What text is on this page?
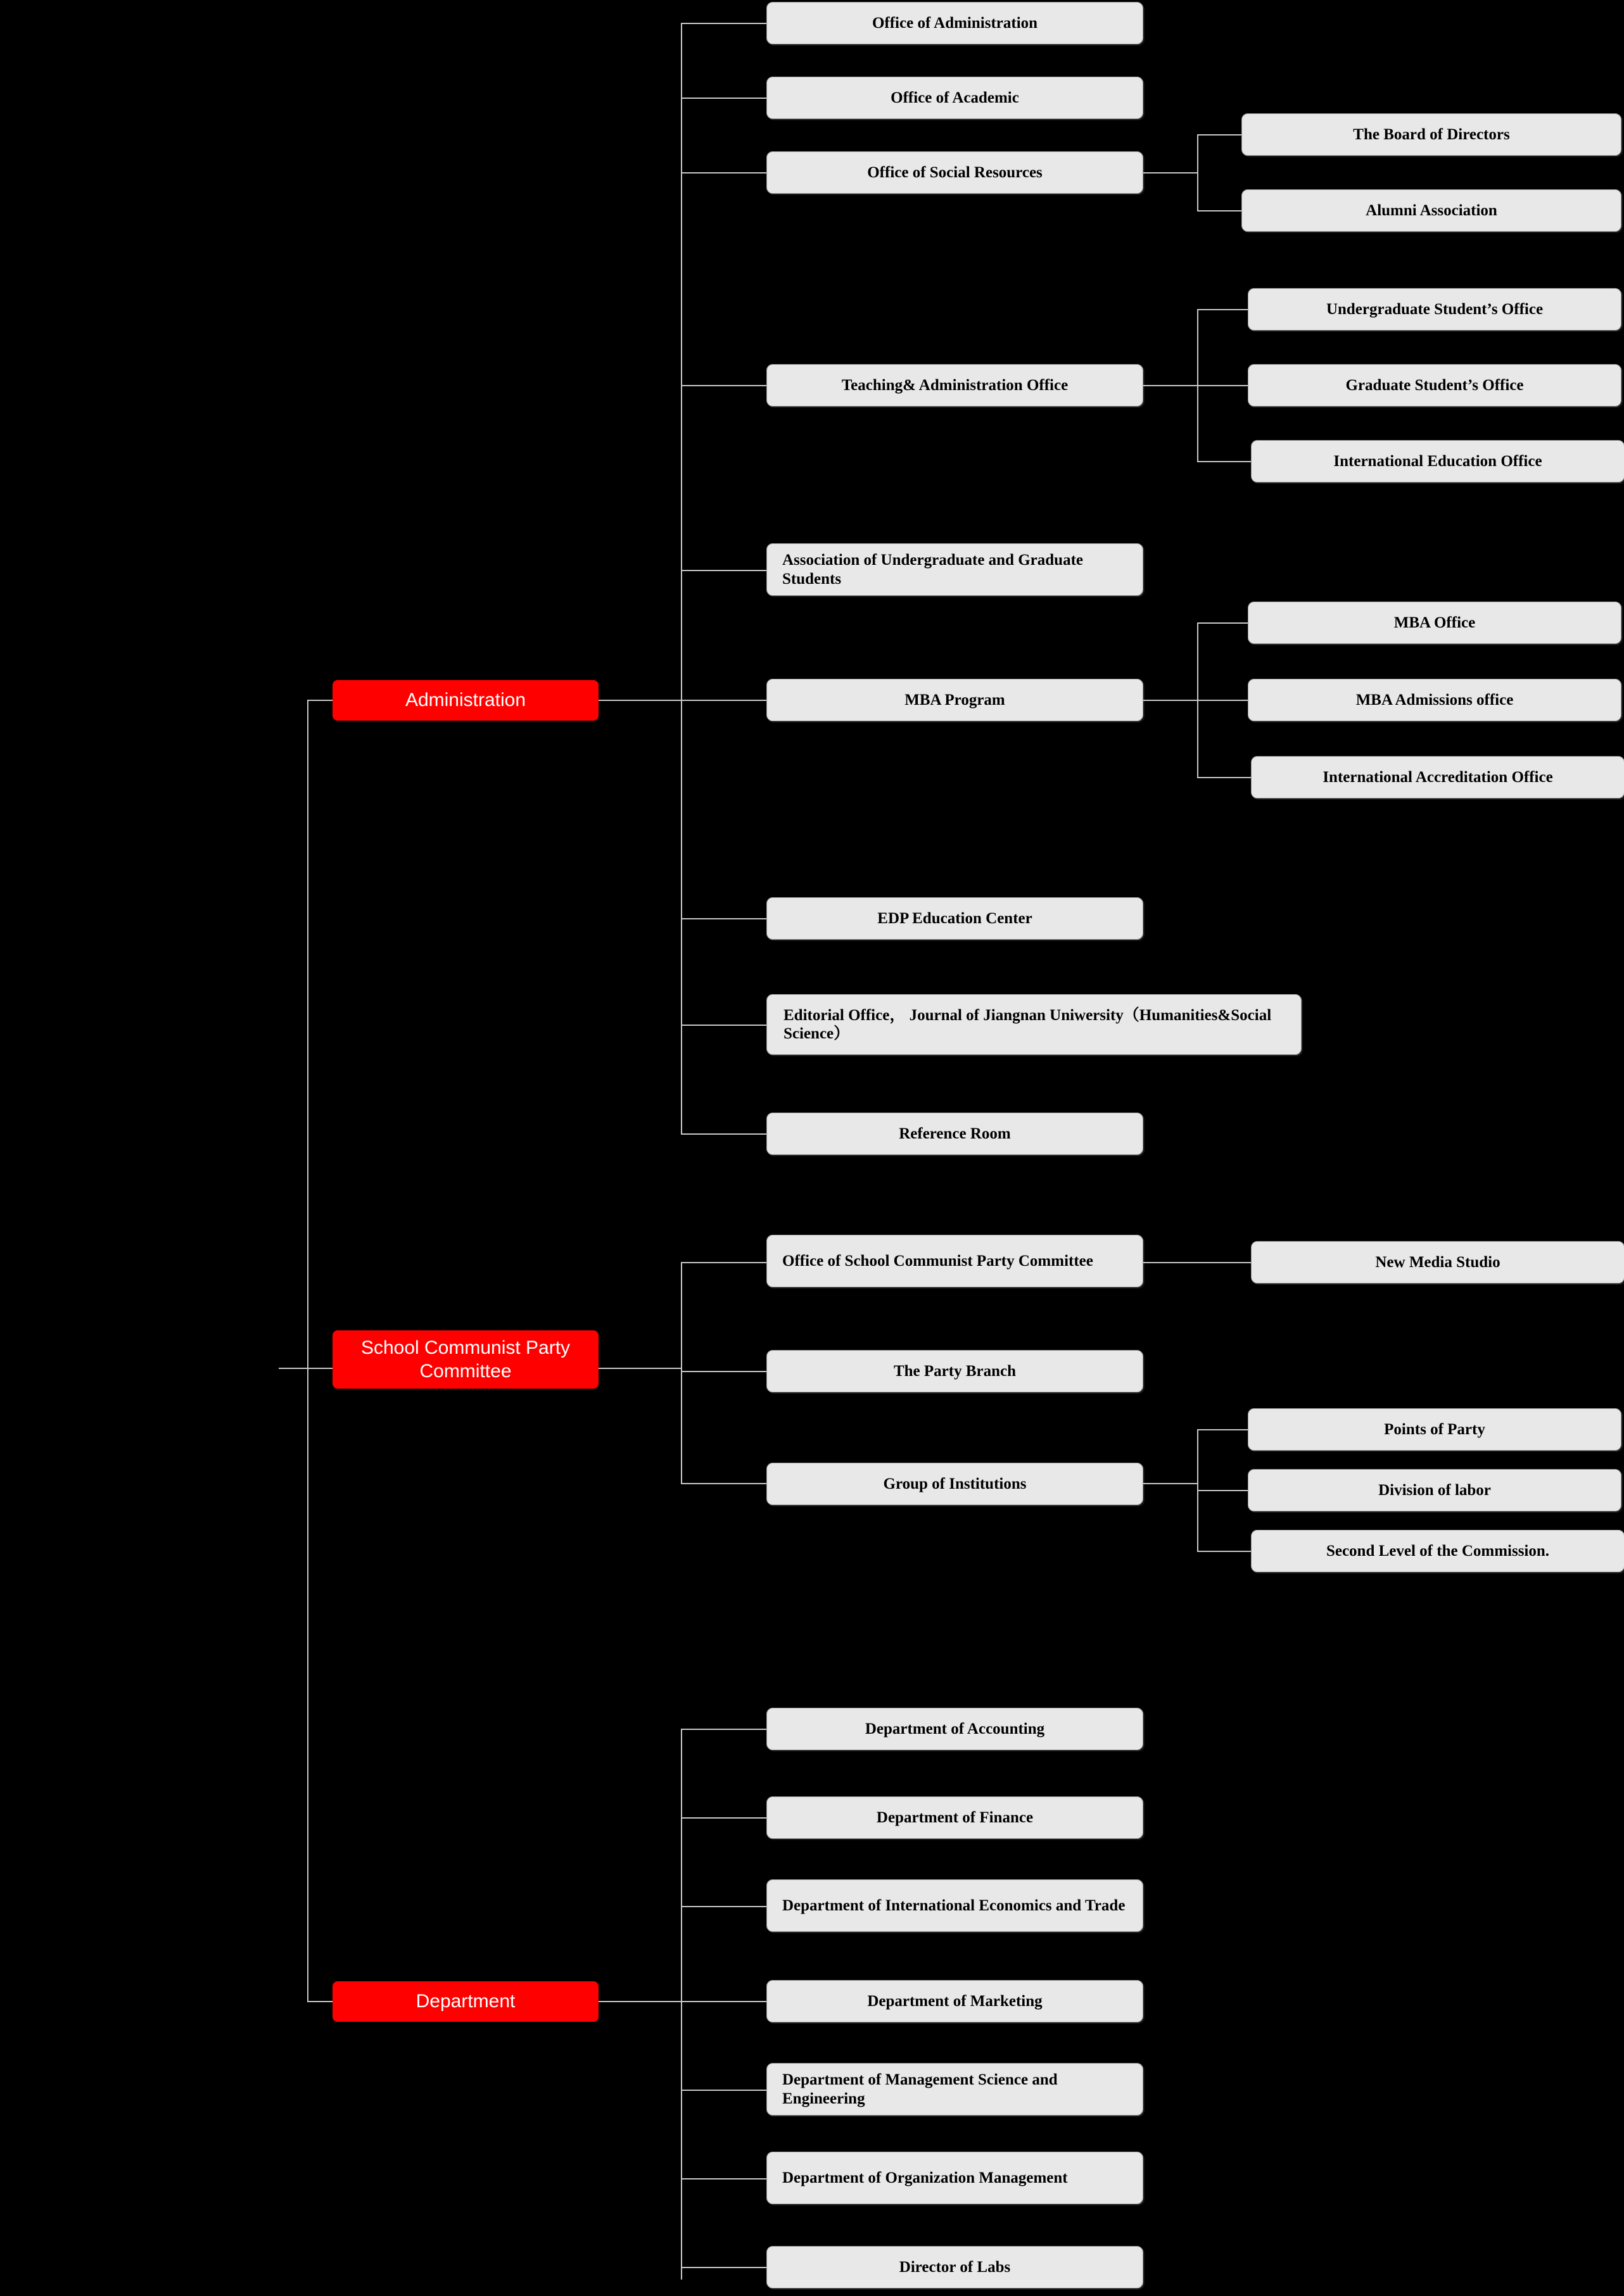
Administration
School Communist Party Committee
Department
Office of Administration
Office of Academic
Office of Social Resources
The Board of Directors
Alumni Association
Teaching& Administration Office
Undergraduate Student’s Office
Graduate Student’s Office
International Education Office
Association of Undergraduate and Graduate Students
MBA Program
MBA Office
MBA Admissions office
International Accreditation Office
EDP Education Center
Editorial Office， Journal of Jiangnan Uniwersity（Humanities&Social Science）
Reference Room
Office of School Communist Party Committee	New Media Studio
The Party Branch
Group of Institutions
Points of Party
Division of labor
Second Level of the Commission.
Department of Accounting
Department of Finance
Department of International Economics and Trade
Department of Marketing
Department of Management Science and Engineering
Department of Organization Management
Director of Labs
